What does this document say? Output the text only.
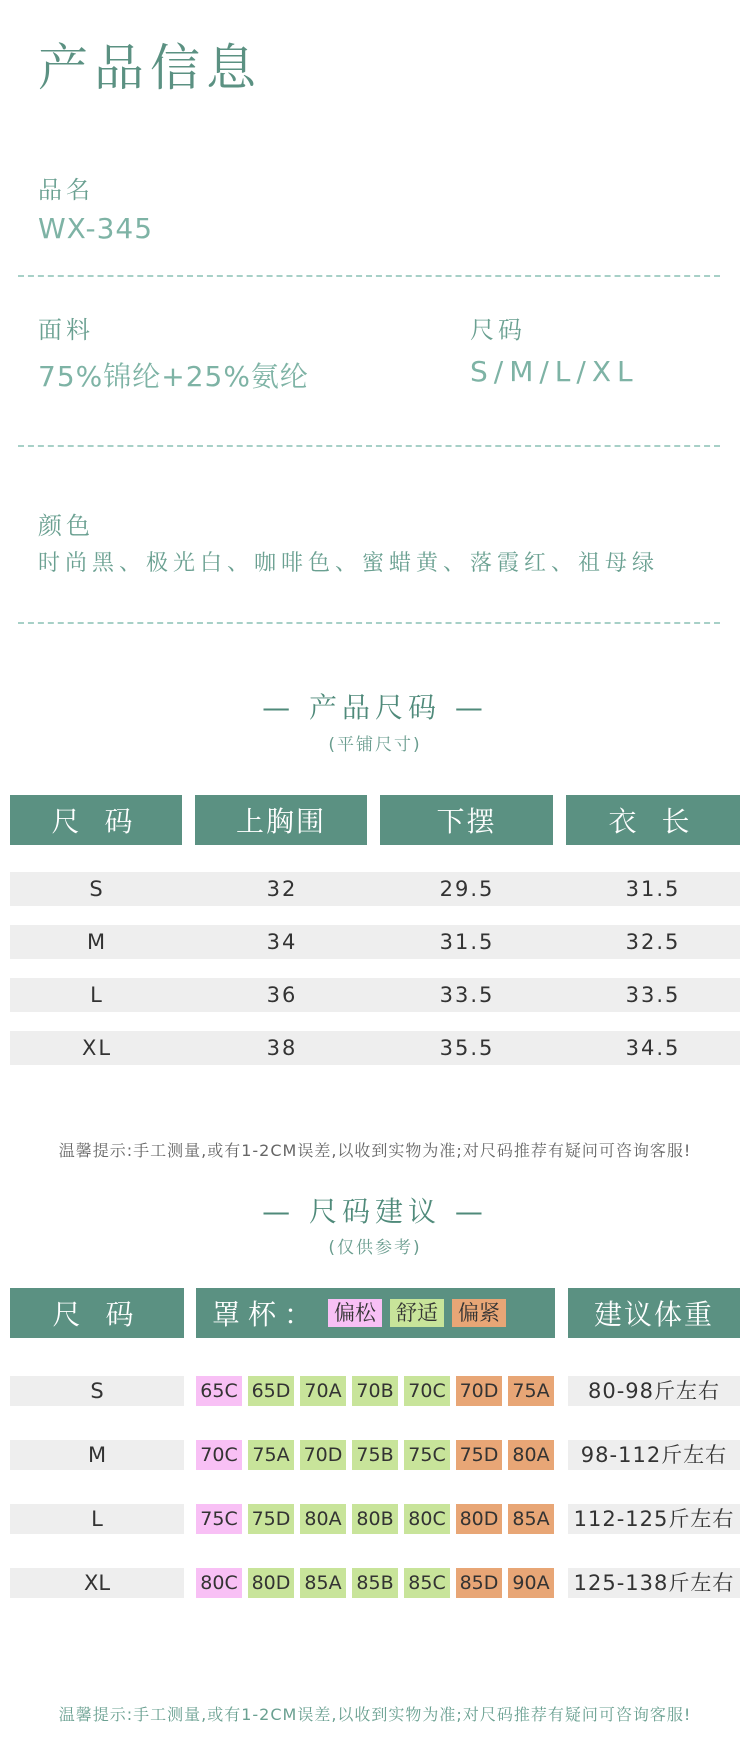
产品信息
品名
WX-345
面料
75%锦纶+25%氨纶
尺码
S/M/L/XL
颜色
时尚黑、极光白、咖啡色、蜜蜡黄、落霞红、祖母绿
— 产品尺码 —
(平铺尺寸)
尺 码	上胸围	下摆	衣 长
S	32	29.5	31.5
M	34	31.5	32.5
L	36	33.5	33.5
XL	38	35.5	34.5
温馨提示:手工测量,或有1-2CM误差,以收到实物为准;对尺码推荐有疑问可咨询客服!
— 尺码建议 —
(仅供参考)
尺 码	罩杯： 偏松 舒适 偏紧	建议体重
S	65C 65D 70A 70B 70C 70D 75A	80-98斤左右
M	70C 75A 70D 75B 75C 75D 80A	98-112斤左右
L	75C 75D 80A 80B 80C 80D 85A 112-125斤左右
XL	80C 80D 85A 85B 85C 85D 90A 125-138斤左右
温馨提示:手工测量,或有1-2CM误差,以收到实物为准;对尺码推荐有疑问可咨询客服!
